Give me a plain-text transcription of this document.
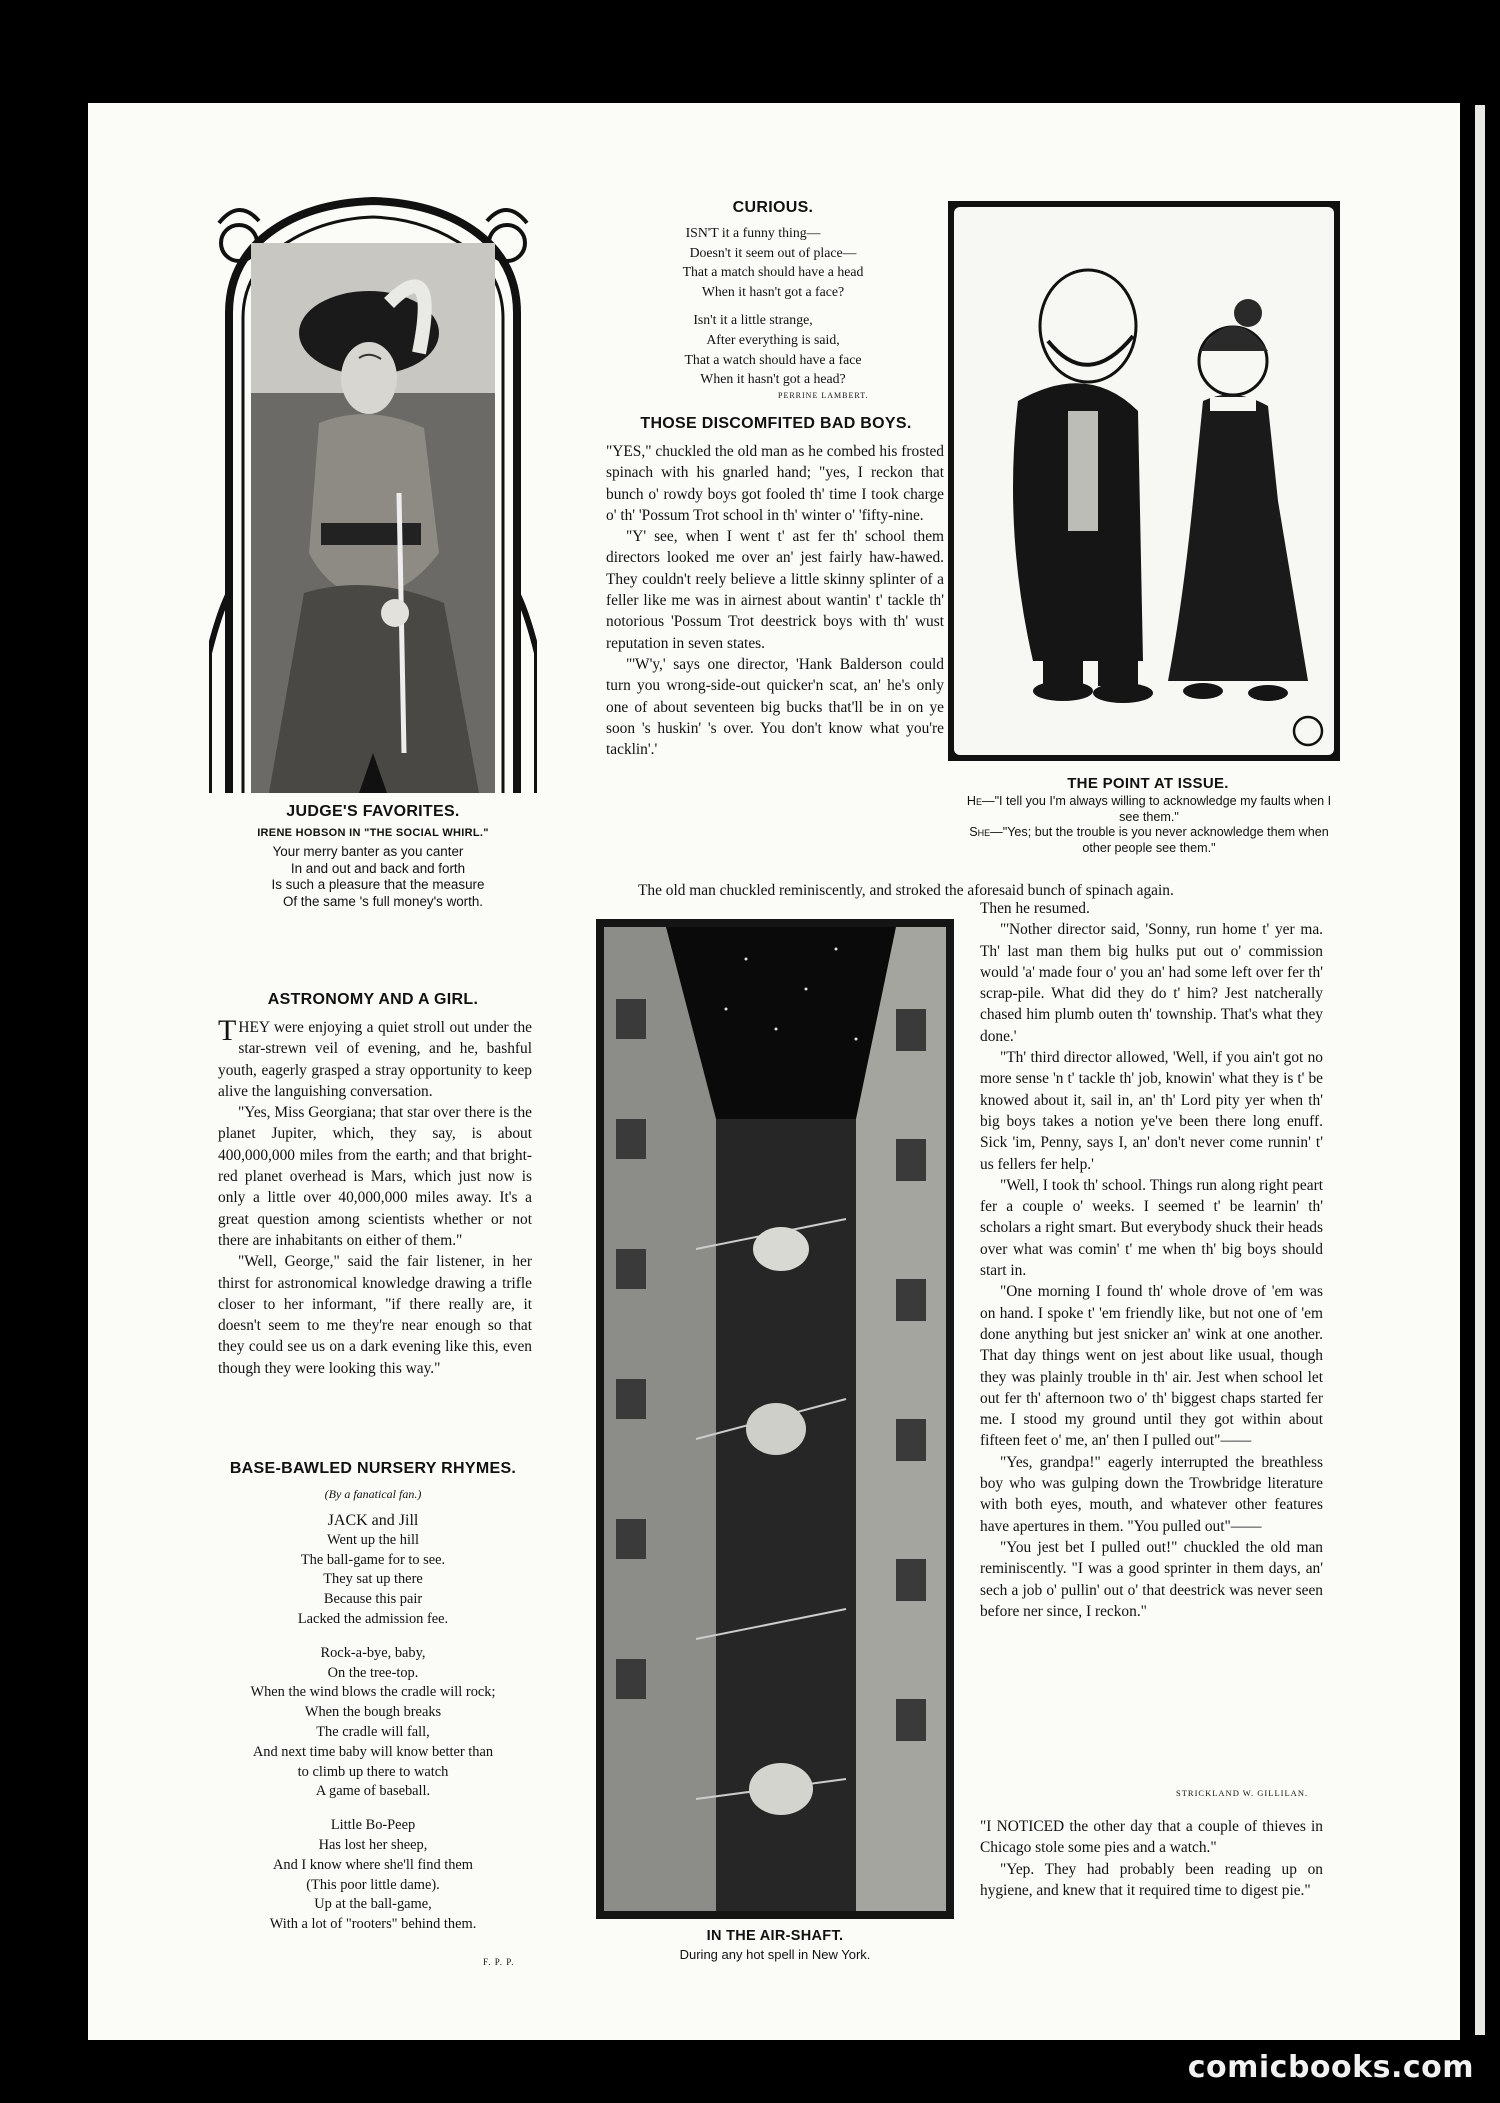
JUDGE'S FAVORITES.
IRENE HOBSON IN "THE SOCIAL WHIRL."
Your merry banter as you canter
In and out and back and forth
Is such a pleasure that the measure
Of the same 's full money's worth.
ASTRONOMY AND A GIRL.

THEY were enjoying a quiet stroll out under the star-strewn veil of evening, and he, bashful youth, eagerly grasped a stray opportunity to keep alive the languishing conversation.

"Yes, Miss Georgiana; that star over there is the planet Jupiter, which, they say, is about 400,000,000 miles from the earth; and that bright-red planet overhead is Mars, which just now is only a little over 40,000,000 miles away. It's a great question among scientists whether or not there are inhabitants on either of them."

"Well, George," said the fair listener, in her thirst for astronomical knowledge drawing a trifle closer to her informant, "if there really are, it doesn't seem to me they're near enough so that they could see us on a dark evening like this, even though they were looking this way."

BASE-BAWLED NURSERY RHYMES.
(By a fanatical fan.)
JACK and Jill
Went up the hill
The ball-game for to see.
They sat up there
Because this pair
Lacked the admission fee.
Rock-a-bye, baby,
On the tree-top.
When the wind blows the cradle will rock;
When the bough breaks
The cradle will fall,
And next time baby will know better than
to climb up there to watch
A game of baseball.
Little Bo-Peep
Has lost her sheep,
And I know where she'll find them
(This poor little dame).
Up at the ball-game,
With a lot of "rooters" behind them.
F. P. P.
CURIOUS.
ISN'T it a funny thing—
Doesn't it seem out of place—
That a match should have a head
When it hasn't got a face?
Isn't it a little strange,
After everything is said,
That a watch should have a face
When it hasn't got a head?
PERRINE LAMBERT.
THOSE DISCOMFITED BAD BOYS.

"YES," chuckled the old man as he combed his frosted spinach with his gnarled hand; "yes, I reckon that bunch o' rowdy boys got fooled th' time I took charge o' th' 'Possum Trot school in th' winter o' 'fifty-nine.

"Y' see, when I went t' ast fer th' school them directors looked me over an' jest fairly haw-hawed. They couldn't reely believe a little skinny splinter of a feller like me was in airnest about wantin' t' tackle th' notorious 'Possum Trot deestrick boys with th' wust reputation in seven states.

"'W'y,' says one director, 'Hank Balderson could turn you wrong-side-out quicker'n scat, an' he's only one of about seventeen big bucks that'll be in on ye soon 's huskin' 's over. You don't know what you're tacklin'.'

The old man chuckled reminiscently, and stroked the aforesaid bunch of spinach again.
IN THE AIR-SHAFT.
During any hot spell in New York.
THE POINT AT ISSUE.
He—"I tell you I'm always willing to acknowledge my faults when I see them."
She—"Yes; but the trouble is you never acknowledge them when other people see them."

Then he resumed.

"'Nother director said, 'Sonny, run home t' yer ma. Th' last man them big hulks put out o' commission would 'a' made four o' you an' had some left over fer th' scrap-pile. What did they do t' him? Jest natcherally chased him plumb outen th' township. That's what they done.'

"Th' third director allowed, 'Well, if you ain't got no more sense 'n t' tackle th' job, knowin' what they is t' be knowed about it, sail in, an' th' Lord pity yer when th' big boys takes a notion ye've been there long enuff. Sick 'im, Penny, says I, an' don't never come runnin' t' us fellers fer help.'

"Well, I took th' school. Things run along right peart fer a couple o' weeks. I seemed t' be learnin' th' scholars a right smart. But everybody shuck their heads over what was comin' t' me when th' big boys should start in.

"One morning I found th' whole drove of 'em was on hand. I spoke t' 'em friendly like, but not one of 'em done anything but jest snicker an' wink at one another. That day things went on jest about like usual, though they was plainly trouble in th' air. Jest when school let out fer th' afternoon two o' th' biggest chaps started fer me. I stood my ground until they got within about fifteen feet o' me, an' then I pulled out"——

"Yes, grandpa!" eagerly interrupted the breathless boy who was gulping down the Trowbridge literature with both eyes, mouth, and whatever other features have apertures in them. "You pulled out"——

"You jest bet I pulled out!" chuckled the old man reminiscently. "I was a good sprinter in them days, an' sech a job o' pullin' out o' that deestrick was never seen before ner since, I reckon."

STRICKLAND W. GILLILAN.

"I NOTICED the other day that a couple of thieves in Chicago stole some pies and a watch."

"Yep. They had probably been reading up on hygiene, and knew that it required time to digest pie."

comicbooks.com
